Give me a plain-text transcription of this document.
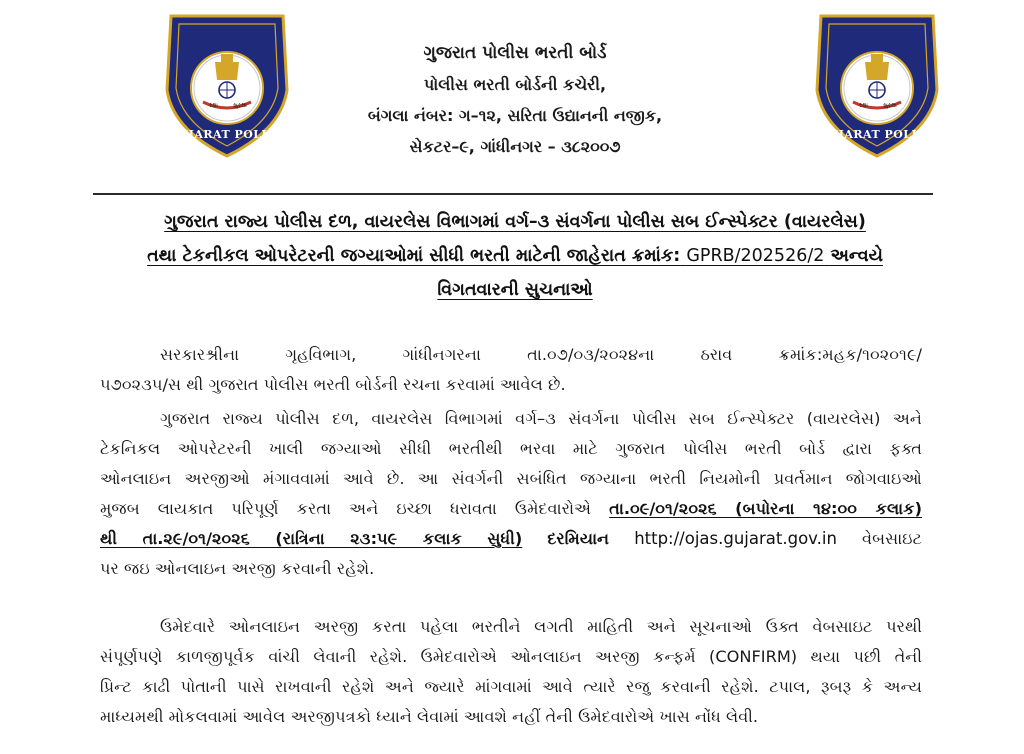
રક્ષા	સુરક્ષા
GUJARAT POLICE
રક્ષા	સુરક્ષા
GUJARAT POLICE
ગુજરાત પોલીસ ભરતી બોર્ડ
પોલીસ ભરતી બોર્ડની કચેરી,
બંગલા નંબર: ગ–૧૨, સરિતા ઉદ્યાનની નજીક,
સેકટર–૯, ગાંધીનગર – ૩૮૨૦૦૭
ગુજરાત રાજ્ય પોલીસ દળ, વાયરલેસ વિભાગમાં વર્ગ–૩ સંવર્ગના પોલીસ સબ ઈન્સ્પેક્ટર (વાયરલેસ)
તથા ટેકનીકલ ઓપરેટરની જગ્યાઓમાં સીધી ભરતી માટેની જાહેરાત ક્રમાંક: GPRB/202526/2 અન્વયે
વિગતવારની સુચનાઓ
સરકારશ્રીના ગૃહવિભાગ, ગાંધીનગરના તા.૦૭/૦૩/૨૦૨૪ના ઠરાવ ક્રમાંક:મહક/૧૦૨૦૧૯/
૫૭૦૨૩૫/સ થી ગુજરાત પોલીસ ભરતી બોર્ડની રચના કરવામાં આવેલ છે.
ગુજરાત રાજ્ય પોલીસ દળ, વાયરલેસ વિભાગમાં વર્ગ–૩ સંવર્ગના પોલીસ સબ ઈન્સ્પેક્ટર (વાયરલેસ) અને
ટેકનિકલ ઓપરેટરની ખાલી જગ્યાઓ સીધી ભરતીથી ભરવા માટે ગુજરાત પોલીસ ભરતી બોર્ડ દ્વારા ફક્ત
ઓનલાઇન અરજીઓ મંગાવવામાં આવે છે. આ સંવર્ગની સબંધિત જગ્યાના ભરતી નિયમોની પ્રવર્તમાન જોગવાઇઓ
મુજબ લાયકાત પરિપૂર્ણ કરતા અને ઇચ્છા ધરાવતા ઉમેદવારોએ તા.૦૯/૦૧/૨૦૨૬ (બપોરના ૧૪:૦૦ કલાક)
થી તા.૨૯/૦૧/૨૦૨૬ (રાત્રિના ૨૩:૫૯ કલાક સુધી) દરમિયાન http://ojas.gujarat.gov.in વેબસાઇટ
પર જઇ ઓનલાઇન અરજી કરવાની રહેશે.
ઉમેદવારે ઓનલાઇન અરજી કરતા પહેલા ભરતીને લગતી માહિતી અને સૂચનાઓ ઉક્ત વેબસાઇટ પરથી
સંપૂર્ણપણે કાળજીપૂર્વક વાંચી લેવાની રહેશે. ઉમેદવારોએ ઓનલાઇન અરજી કન્ફર્મ (CONFIRM) થયા પછી તેની
પ્રિન્ટ કાઢી પોતાની પાસે રાખવાની રહેશે અને જ્યારે માંગવામાં આવે ત્યારે રજુ કરવાની રહેશે. ટપાલ, રૂબરૂ કે અન્ય
માધ્યમથી મોકલવામાં આવેલ અરજીપત્રકો ધ્યાને લેવામાં આવશે નહીં તેની ઉમેદવારોએ ખાસ નોંધ લેવી.
